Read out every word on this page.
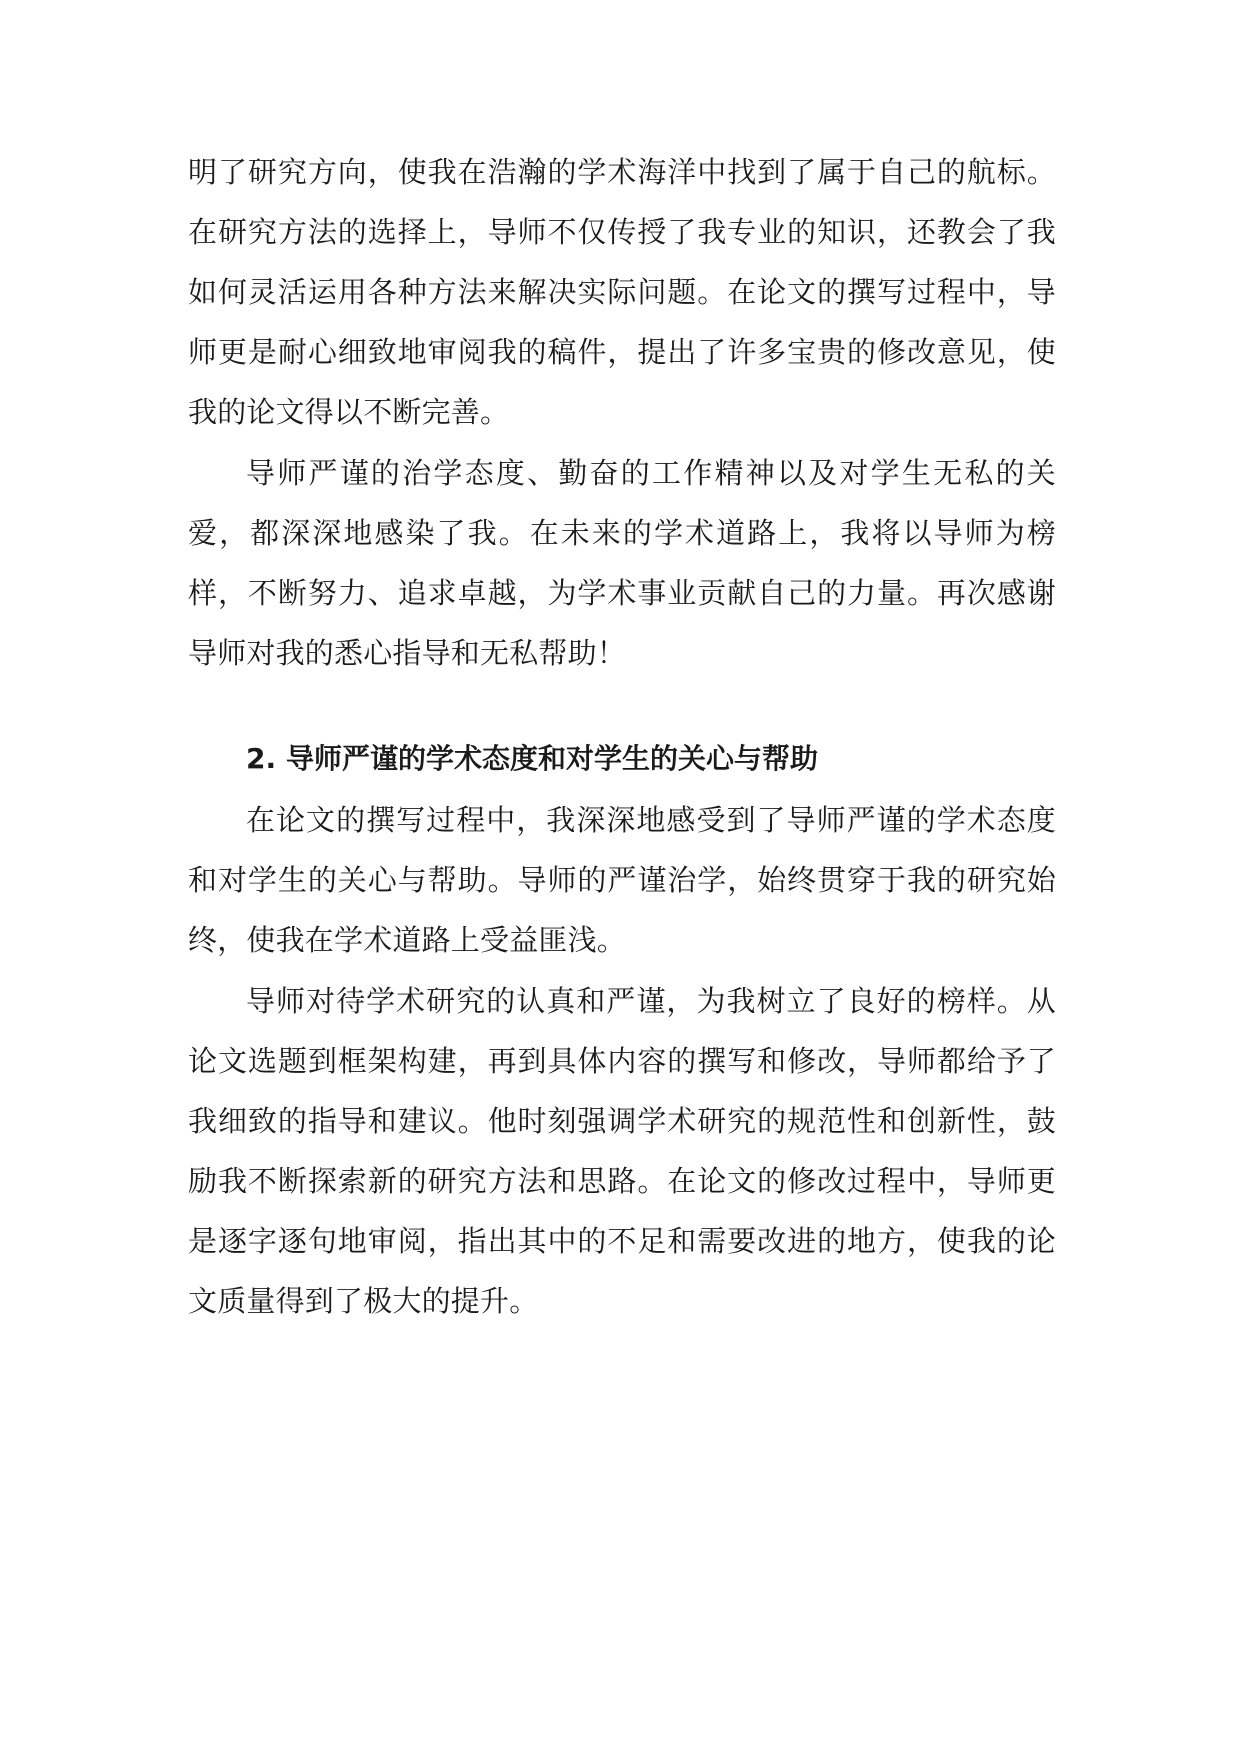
明了研究方向，使我在浩瀚的学术海洋中找到了属于自己的航标。在研究方法的选择上，导师不仅传授了我专业的知识，还教会了我如何灵活运用各种方法来解决实际问题。在论文的撰写过程中，导师更是耐心细致地审阅我的稿件，提出了许多宝贵的修改意见，使我的论文得以不断完善。

导师严谨的治学态度、勤奋的工作精神以及对学生无私的关爱，都深深地感染了我。在未来的学术道路上，我将以导师为榜样，不断努力、追求卓越，为学术事业贡献自己的力量。再次感谢导师对我的悉心指导和无私帮助！

2. 导师严谨的学术态度和对学生的关心与帮助

在论文的撰写过程中，我深深地感受到了导师严谨的学术态度和对学生的关心与帮助。导师的严谨治学，始终贯穿于我的研究始终，使我在学术道路上受益匪浅。

导师对待学术研究的认真和严谨，为我树立了良好的榜样。从论文选题到框架构建，再到具体内容的撰写和修改，导师都给予了我细致的指导和建议。他时刻强调学术研究的规范性和创新性，鼓励我不断探索新的研究方法和思路。在论文的修改过程中，导师更是逐字逐句地审阅，指出其中的不足和需要改进的地方，使我的论文质量得到了极大的提升。
